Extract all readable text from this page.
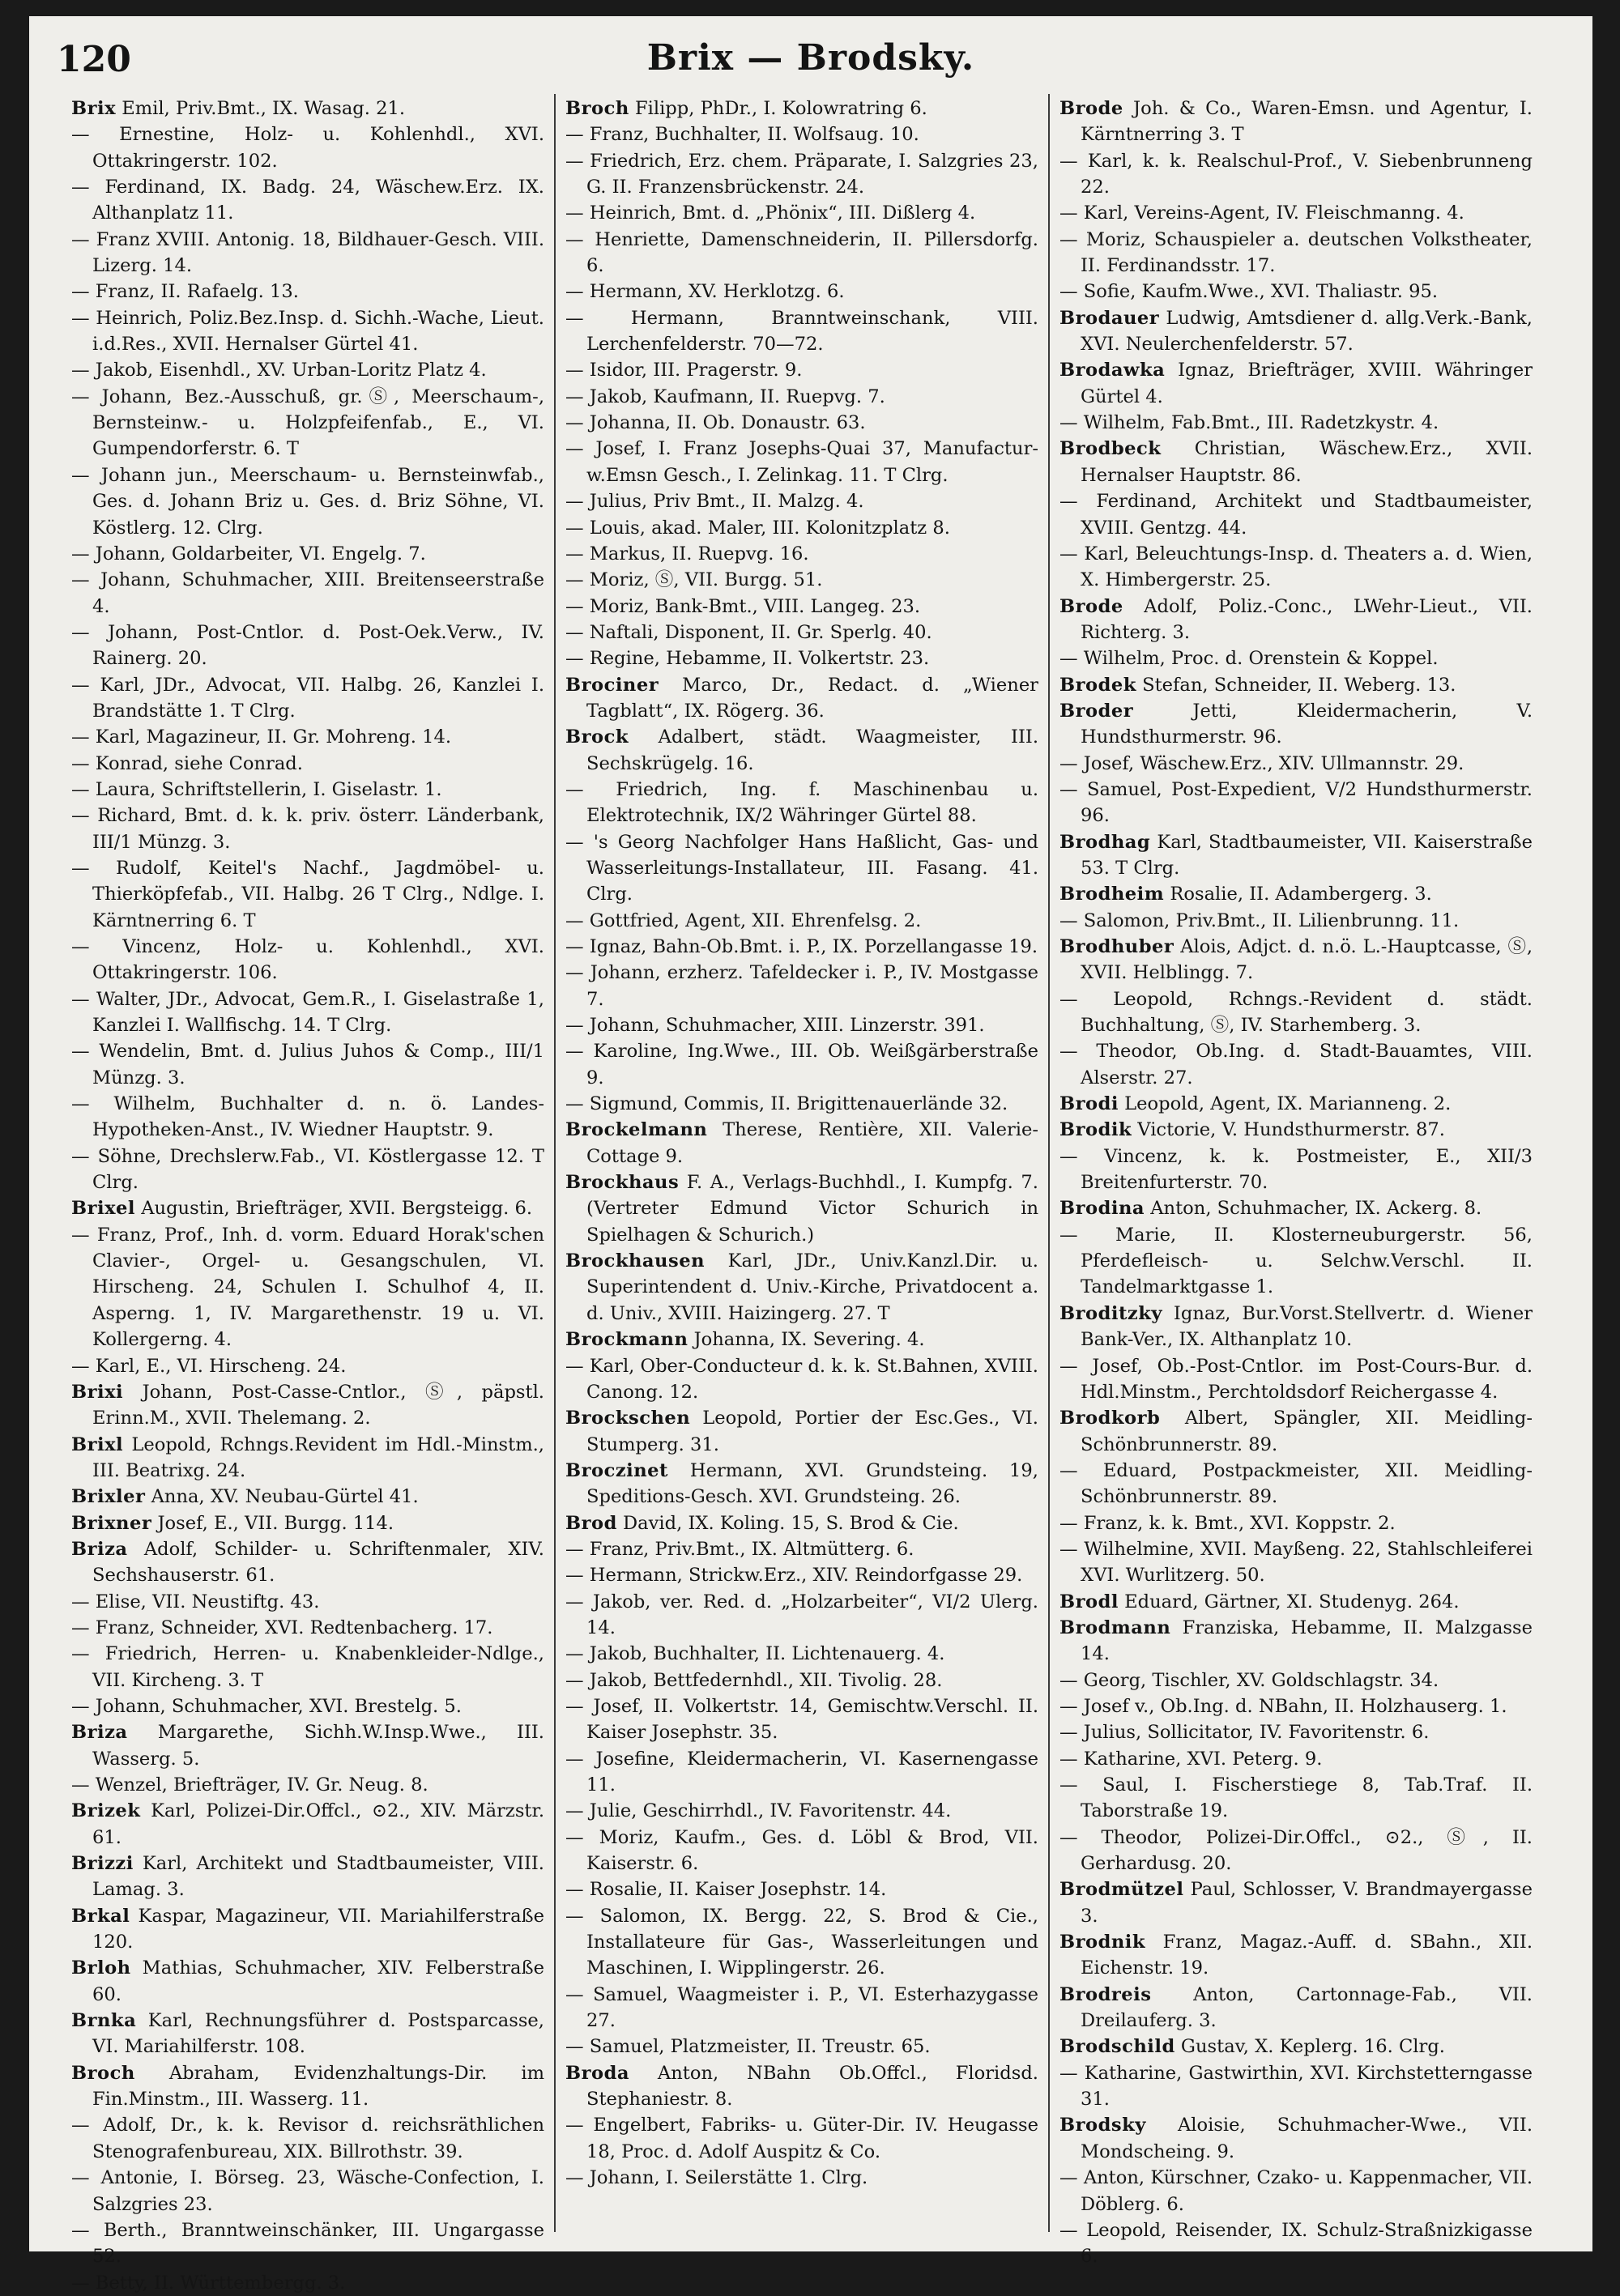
120	Brix — Brodsky.

Brix Emil, Priv.Bmt., IX. Wasag. 21.

— Ernestine, Holz- u. Kohlenhdl., XVI. Ottakringerstr. 102.

— Ferdinand, IX. Badg. 24, Wäschew.Erz. IX. Althanplatz 11.

— Franz XVIII. Antonig. 18, Bildhauer-Gesch. VIII. Lizerg. 14.

— Franz, II. Rafaelg. 13.

— Heinrich, Poliz.Bez.Insp. d. Sichh.-Wache, Lieut. i.d.Res., XVII. Hernalser Gürtel 41.

— Jakob, Eisenhdl., XV. Urban-Loritz Platz 4.

— Johann, Bez.-Ausschuß, gr.Ⓢ, Meerschaum-, Bernsteinw.- u. Holzpfeifenfab., E., VI. Gumpendorferstr. 6. T

— Johann jun., Meerschaum- u. Bernsteinwfab., Ges. d. Johann Briz u. Ges. d. Briz Söhne, VI. Köstlerg. 12. Clrg.

— Johann, Goldarbeiter, VI. Engelg. 7.

— Johann, Schuhmacher, XIII. Breitenseerstraße 4.

— Johann, Post-Cntlor. d. Post-Oek.Verw., IV. Rainerg. 20.

— Karl, JDr., Advocat, VII. Halbg. 26, Kanzlei I. Brandstätte 1. T Clrg.

— Karl, Magazineur, II. Gr. Mohreng. 14.

— Konrad, siehe Conrad.

— Laura, Schriftstellerin, I. Giselastr. 1.

— Richard, Bmt. d. k. k. priv. österr. Länderbank, III/1 Münzg. 3.

— Rudolf, Keitel's Nachf., Jagdmöbel- u. Thierköpfefab., VII. Halbg. 26 T Clrg., Ndlge. I. Kärntnerring 6. T

— Vincenz, Holz- u. Kohlenhdl., XVI. Ottakringerstr. 106.

— Walter, JDr., Advocat, Gem.R., I. Giselastraße 1, Kanzlei I. Wallfischg. 14. T Clrg.

— Wendelin, Bmt. d. Julius Juhos & Comp., III/1 Münzg. 3.

— Wilhelm, Buchhalter d. n. ö. Landes-Hypotheken-Anst., IV. Wiedner Hauptstr. 9.

— Söhne, Drechslerw.Fab., VI. Köstlergasse 12. T Clrg.

Brixel Augustin, Briefträger, XVII. Bergsteigg. 6.

— Franz, Prof., Inh. d. vorm. Eduard Horak'schen Clavier-, Orgel- u. Gesangschulen, VI. Hirscheng. 24, Schulen I. Schulhof 4, II. Asperng. 1, IV. Margarethenstr. 19 u. VI. Kollergerng. 4.

— Karl, E., VI. Hirscheng. 24.

Brixi Johann, Post-Casse-Cntlor., Ⓢ, päpstl. Erinn.M., XVII. Thelemang. 2.

Brixl Leopold, Rchngs.Revident im Hdl.-Minstm., III. Beatrixg. 24.

Brixler Anna, XV. Neubau-Gürtel 41.

Brixner Josef, E., VII. Burgg. 114.

Briza Adolf, Schilder- u. Schriftenmaler, XIV. Sechshauserstr. 61.

— Elise, VII. Neustiftg. 43.

— Franz, Schneider, XVI. Redtenbacherg. 17.

— Friedrich, Herren- u. Knabenkleider-Ndlge., VII. Kircheng. 3. T

— Johann, Schuhmacher, XVI. Brestelg. 5.

Briza Margarethe, Sichh.W.Insp.Wwe., III. Wasserg. 5.

— Wenzel, Briefträger, IV. Gr. Neug. 8.

Brizek Karl, Polizei-Dir.Offcl., ⊙2., XIV. Märzstr. 61.

Brizzi Karl, Architekt und Stadtbaumeister, VIII. Lamag. 3.

Brkal Kaspar, Magazineur, VII. Mariahilferstraße 120.

Brloh Mathias, Schuhmacher, XIV. Felberstraße 60.

Brnka Karl, Rechnungsführer d. Postsparcasse, VI. Mariahilferstr. 108.

Broch Abraham, Evidenzhaltungs-Dir. im Fin.Minstm., III. Wasserg. 11.

— Adolf, Dr., k. k. Revisor d. reichsräthlichen Stenografenbureau, XIX. Billrothstr. 39.

— Antonie, I. Börseg. 23, Wäsche-Confection, I. Salzgries 23.

— Berth., Branntweinschänker, III. Ungargasse 52.

— Betty, II. Württembergg. 3.

Broch Filipp, PhDr., I. Kolowratring 6.

— Franz, Buchhalter, II. Wolfsaug. 10.

— Friedrich, Erz. chem. Präparate, I. Salzgries 23, G. II. Franzensbrückenstr. 24.

— Heinrich, Bmt. d. „Phönix“, III. Dißlerg 4.

— Henriette, Damenschneiderin, II. Pillersdorfg. 6.

— Hermann, XV. Herklotzg. 6.

— Hermann, Branntweinschank, VIII. Lerchenfelderstr. 70—72.

— Isidor, III. Pragerstr. 9.

— Jakob, Kaufmann, II. Ruepvg. 7.

— Johanna, II. Ob. Donaustr. 63.

— Josef, I. Franz Josephs-Quai 37, Manufactur-w.Emsn Gesch., I. Zelinkag. 11. T Clrg.

— Julius, Priv Bmt., II. Malzg. 4.

— Louis, akad. Maler, III. Kolonitzplatz 8.

— Markus, II. Ruepvg. 16.

— Moriz, Ⓢ, VII. Burgg. 51.

— Moriz, Bank-Bmt., VIII. Langeg. 23.

— Naftali, Disponent, II. Gr. Sperlg. 40.

— Regine, Hebamme, II. Volkertstr. 23.

Brociner Marco, Dr., Redact. d. „Wiener Tagblatt“, IX. Rögerg. 36.

Brock Adalbert, städt. Waagmeister, III. Sechskrügelg. 16.

— Friedrich, Ing. f. Maschinenbau u. Elektrotechnik, IX/2 Währinger Gürtel 88.

— 's Georg Nachfolger Hans Haßlicht, Gas- und Wasserleitungs-Installateur, III. Fasang. 41. Clrg.

— Gottfried, Agent, XII. Ehrenfelsg. 2.

— Ignaz, Bahn-Ob.Bmt. i. P., IX. Porzellangasse 19.

— Johann, erzherz. Tafeldecker i. P., IV. Mostgasse 7.

— Johann, Schuhmacher, XIII. Linzerstr. 391.

— Karoline, Ing.Wwe., III. Ob. Weißgärberstraße 9.

— Sigmund, Commis, II. Brigittenauerlände 32.

Brockelmann Therese, Rentière, XII. Valerie-Cottage 9.

Brockhaus F. A., Verlags-Buchhdl., I. Kumpfg. 7. (Vertreter Edmund Victor Schurich in Spielhagen & Schurich.)

Brockhausen Karl, JDr., Univ.Kanzl.Dir. u. Superintendent d. Univ.-Kirche, Privatdocent a. d. Univ., XVIII. Haizingerg. 27. T

Brockmann Johanna, IX. Severing. 4.

— Karl, Ober-Conducteur d. k. k. St.Bahnen, XVIII. Canong. 12.

Brockschen Leopold, Portier der Esc.Ges., VI. Stumperg. 31.

Broczinet Hermann, XVI. Grundsteing. 19, Speditions-Gesch. XVI. Grundsteing. 26.

Brod David, IX. Koling. 15, S. Brod & Cie.

— Franz, Priv.Bmt., IX. Altmütterg. 6.

— Hermann, Strickw.Erz., XIV. Reindorfgasse 29.

— Jakob, ver. Red. d. „Holzarbeiter“, VI/2 Ulerg. 14.

— Jakob, Buchhalter, II. Lichtenauerg. 4.

— Jakob, Bettfedernhdl., XII. Tivolig. 28.

— Josef, II. Volkertstr. 14, Gemischtw.Verschl. II. Kaiser Josephstr. 35.

— Josefine, Kleidermacherin, VI. Kasernengasse 11.

— Julie, Geschirrhdl., IV. Favoritenstr. 44.

— Moriz, Kaufm., Ges. d. Löbl & Brod, VII. Kaiserstr. 6.

— Rosalie, II. Kaiser Josephstr. 14.

— Salomon, IX. Bergg. 22, S. Brod & Cie., Installateure für Gas-, Wasserleitungen und Maschinen, I. Wipplingerstr. 26.

— Samuel, Waagmeister i. P., VI. Esterhazygasse 27.

— Samuel, Platzmeister, II. Treustr. 65.

Broda Anton, NBahn Ob.Offcl., Floridsd. Stephaniestr. 8.

— Engelbert, Fabriks- u. Güter-Dir. IV. Heugasse 18, Proc. d. Adolf Auspitz & Co.

— Johann, I. Seilerstätte 1. Clrg.

Brode Joh. & Co., Waren-Emsn. und Agentur, I. Kärntnerring 3. T

— Karl, k. k. Realschul-Prof., V. Siebenbrunneng 22.

— Karl, Vereins-Agent, IV. Fleischmanng. 4.

— Moriz, Schauspieler a. deutschen Volkstheater, II. Ferdinandsstr. 17.

— Sofie, Kaufm.Wwe., XVI. Thaliastr. 95.

Brodauer Ludwig, Amtsdiener d. allg.Verk.-Bank, XVI. Neulerchenfelderstr. 57.

Brodawka Ignaz, Briefträger, XVIII. Währinger Gürtel 4.

— Wilhelm, Fab.Bmt., III. Radetzkystr. 4.

Brodbeck Christian, Wäschew.Erz., XVII. Hernalser Hauptstr. 86.

— Ferdinand, Architekt und Stadtbaumeister, XVIII. Gentzg. 44.

— Karl, Beleuchtungs-Insp. d. Theaters a. d. Wien, X. Himbergerstr. 25.

Brode Adolf, Poliz.-Conc., LWehr-Lieut., VII. Richterg. 3.

— Wilhelm, Proc. d. Orenstein & Koppel.

Brodek Stefan, Schneider, II. Weberg. 13.

Broder Jetti, Kleidermacherin, V. Hundsthurmerstr. 96.

— Josef, Wäschew.Erz., XIV. Ullmannstr. 29.

— Samuel, Post-Expedient, V/2 Hundsthurmerstr. 96.

Brodhag Karl, Stadtbaumeister, VII. Kaiserstraße 53. T Clrg.

Brodheim Rosalie, II. Adambergerg. 3.

— Salomon, Priv.Bmt., II. Lilienbrunng. 11.

Brodhuber Alois, Adjct. d. n.ö. L.-Hauptcasse, Ⓢ, XVII. Helblingg. 7.

— Leopold, Rchngs.-Revident d. städt. Buchhaltung, Ⓢ, IV. Starhemberg. 3.

— Theodor, Ob.Ing. d. Stadt-Bauamtes, VIII. Alserstr. 27.

Brodi Leopold, Agent, IX. Marianneng. 2.

Brodik Victorie, V. Hundsthurmerstr. 87.

— Vincenz, k. k. Postmeister, E., XII/3 Breitenfurterstr. 70.

Brodina Anton, Schuhmacher, IX. Ackerg. 8.

— Marie, II. Klosterneuburgerstr. 56, Pferdefleisch- u. Selchw.Verschl. II. Tandelmarktgasse 1.

Broditzky Ignaz, Bur.Vorst.Stellvertr. d. Wiener Bank-Ver., IX. Althanplatz 10.

— Josef, Ob.-Post-Cntlor. im Post-Cours-Bur. d. Hdl.Minstm., Perchtoldsdorf Reichergasse 4.

Brodkorb Albert, Spängler, XII. Meidling-Schönbrunnerstr. 89.

— Eduard, Postpackmeister, XII. Meidling-Schönbrunnerstr. 89.

— Franz, k. k. Bmt., XVI. Koppstr. 2.

— Wilhelmine, XVII. Mayßeng. 22, Stahlschleiferei XVI. Wurlitzerg. 50.

Brodl Eduard, Gärtner, XI. Studenyg. 264.

Brodmann Franziska, Hebamme, II. Malzgasse 14.

— Georg, Tischler, XV. Goldschlagstr. 34.

— Josef v., Ob.Ing. d. NBahn, II. Holzhauserg. 1.

— Julius, Sollicitator, IV. Favoritenstr. 6.

— Katharine, XVI. Peterg. 9.

— Saul, I. Fischerstiege 8, Tab.Traf. II. Taborstraße 19.

— Theodor, Polizei-Dir.Offcl., ⊙2., Ⓢ, II. Gerhardusg. 20.

Brodmützel Paul, Schlosser, V. Brandmayergasse 3.

Brodnik Franz, Magaz.-Auff. d. SBahn., XII. Eichenstr. 19.

Brodreis Anton, Cartonnage-Fab., VII. Dreilauferg. 3.

Brodschild Gustav, X. Keplerg. 16. Clrg.

— Katharine, Gastwirthin, XVI. Kirchstetterngasse 31.

Brodsky Aloisie, Schuhmacher-Wwe., VII. Mondscheing. 9.

— Anton, Kürschner, Czako- u. Kappenmacher, VII. Döblerg. 6.

— Leopold, Reisender, IX. Schulz-Straßnizkigasse 6.
